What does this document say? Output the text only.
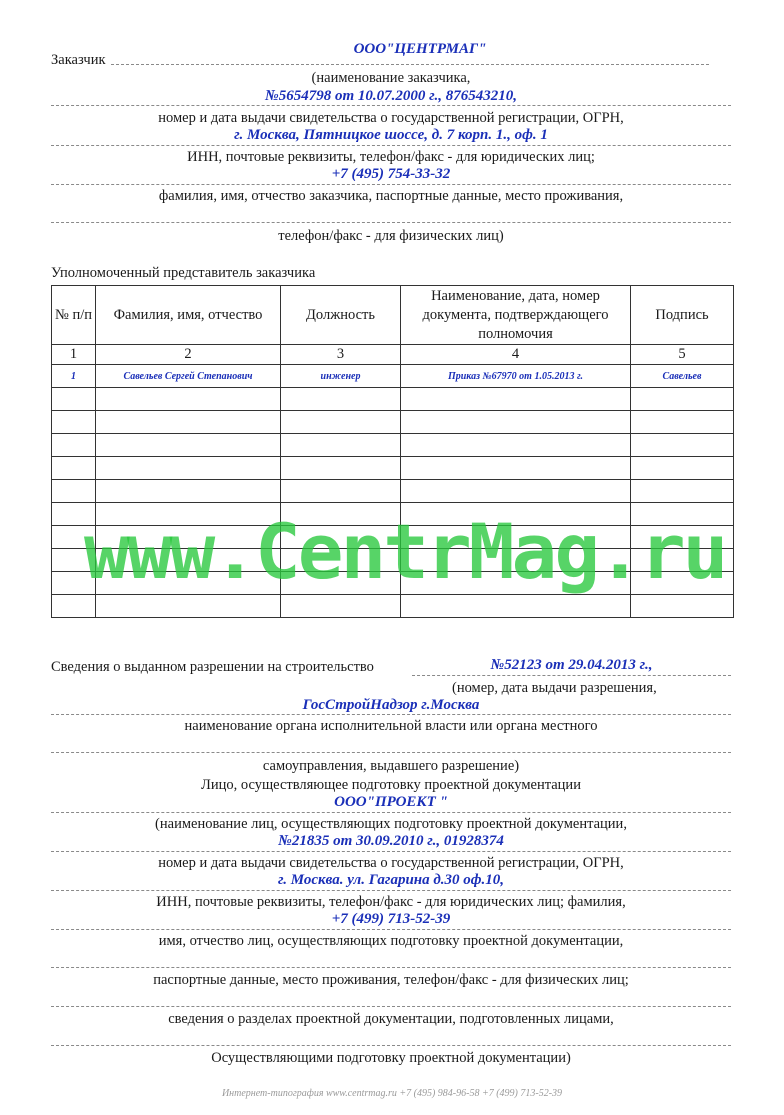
Заказчик
ООО"ЦЕНТРМАГ"
(наименование заказчика,
№5654798 от 10.07.2000 г., 876543210,
номер и дата выдачи свидетельства о государственной регистрации, ОГРН,
г. Москва, Пятницкое шоссе, д. 7 корп. 1., оф. 1
ИНН, почтовые реквизиты, телефон/факс - для юридических лиц;
+7 (495) 754-33-32
фамилия, имя, отчество заказчика, паспортные данные, место проживания,
телефон/факс - для физических лиц)
Уполномоченный представитель заказчика
№ п/п	Фамилия, имя, отчество	Должность	Наименование, дата, номер документа, подтверждающего полномочия	Подпись
1	2	3	4	5
1	Савельев Сергей Степанович	инженер	Приказ №67970 от 1.05.2013 г.	Савельев

www.CentrMag.ru
Сведения о выданном разрешении на строительство	№52123 от 29.04.2013 г.,
(номер, дата выдачи разрешения,
ГосСтройНадзор г.Москва
наименование органа исполнительной власти или органа местного
самоуправления, выдавшего разрешение)
Лицо, осуществляющее подготовку проектной документации
ООО"ПРОЕКТ "
(наименование лиц, осуществляющих подготовку проектной документации,
№21835 от 30.09.2010 г., 01928374
номер и дата выдачи свидетельства о государственной регистрации, ОГРН,
г. Москва. ул. Гагарина д.30 оф.10,
ИНН, почтовые реквизиты, телефон/факс - для юридических лиц; фамилия,
+7 (499) 713-52-39
имя, отчество лиц, осуществляющих подготовку проектной документации,
паспортные данные, место проживания, телефон/факс - для физических лиц;
сведения о разделах проектной документации, подготовленных лицами,
Осуществляющими подготовку проектной документации)
Интернет-типография www.centrmag.ru +7 (495) 984-96-58 +7 (499) 713-52-39
